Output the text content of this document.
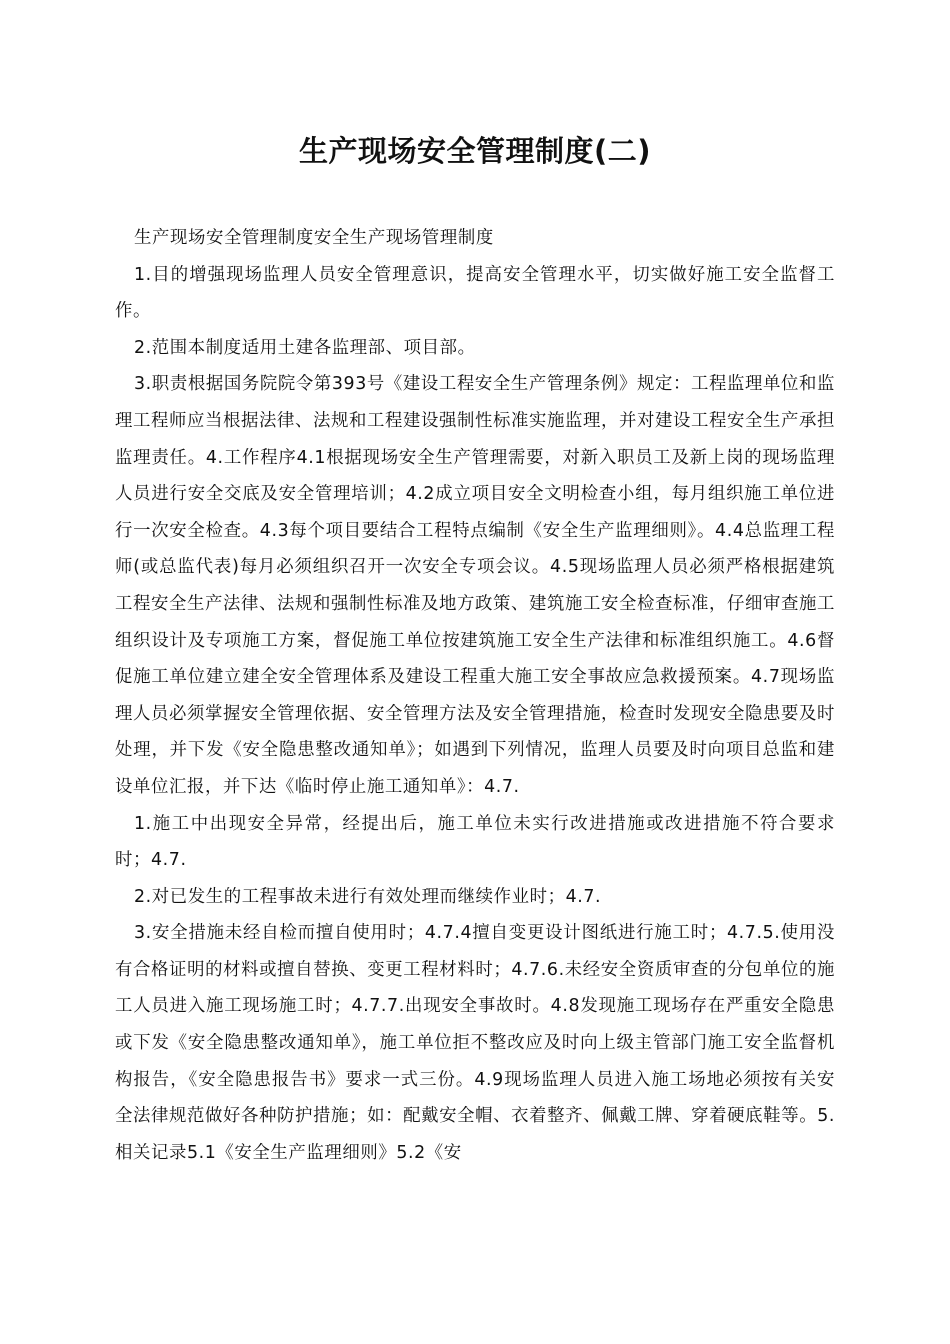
生产现场安全管理制度(二)

生产现场安全管理制度安全生产现场管理制度

1.目的增强现场监理人员安全管理意识，提高安全管理水平，切实做好施工安全监督工作。

2.范围本制度适用土建各监理部、项目部。

3.职责根据国务院院令第393号《建设工程安全生产管理条例》规定：工程监理单位和监理工程师应当根据法律、法规和工程建设强制性标准实施监理，并对建设工程安全生产承担监理责任。4.工作程序4.1根据现场安全生产管理需要，对新入职员工及新上岗的现场监理人员进行安全交底及安全管理培训；4.2成立项目安全文明检查小组，每月组织施工单位进行一次安全检查。4.3每个项目要结合工程特点编制《安全生产监理细则》。4.4总监理工程师(或总监代表)每月必须组织召开一次安全专项会议。4.5现场监理人员必须严格根据建筑工程安全生产法律、法规和强制性标准及地方政策、建筑施工安全检查标准，仔细审查施工组织设计及专项施工方案，督促施工单位按建筑施工安全生产法律和标准组织施工。4.6督促施工单位建立建全安全管理体系及建设工程重大施工安全事故应急救援预案。4.7现场监理人员必须掌握安全管理依据、安全管理方法及安全管理措施，检查时发现安全隐患要及时处理，并下发《安全隐患整改通知单》；如遇到下列情况，监理人员要及时向项目总监和建设单位汇报，并下达《临时停止施工通知单》：4.7.

1.施工中出现安全异常，经提出后，施工单位未实行改进措施或改进措施不符合要求时；4.7.

2.对已发生的工程事故未进行有效处理而继续作业时；4.7.

3.安全措施未经自检而擅自使用时；4.7.4擅自变更设计图纸进行施工时；4.7.5.使用没有合格证明的材料或擅自替换、变更工程材料时；4.7.6.未经安全资质审查的分包单位的施工人员进入施工现场施工时；4.7.7.出现安全事故时。4.8发现施工现场存在严重安全隐患或下发《安全隐患整改通知单》，施工单位拒不整改应及时向上级主管部门施工安全监督机构报告，《安全隐患报告书》要求一式三份。4.9现场监理人员进入施工场地必须按有关安全法律规范做好各种防护措施；如：配戴安全帽、衣着整齐、佩戴工牌、穿着硬底鞋等。5.相关记录5.1《安全生产监理细则》5.2《安
